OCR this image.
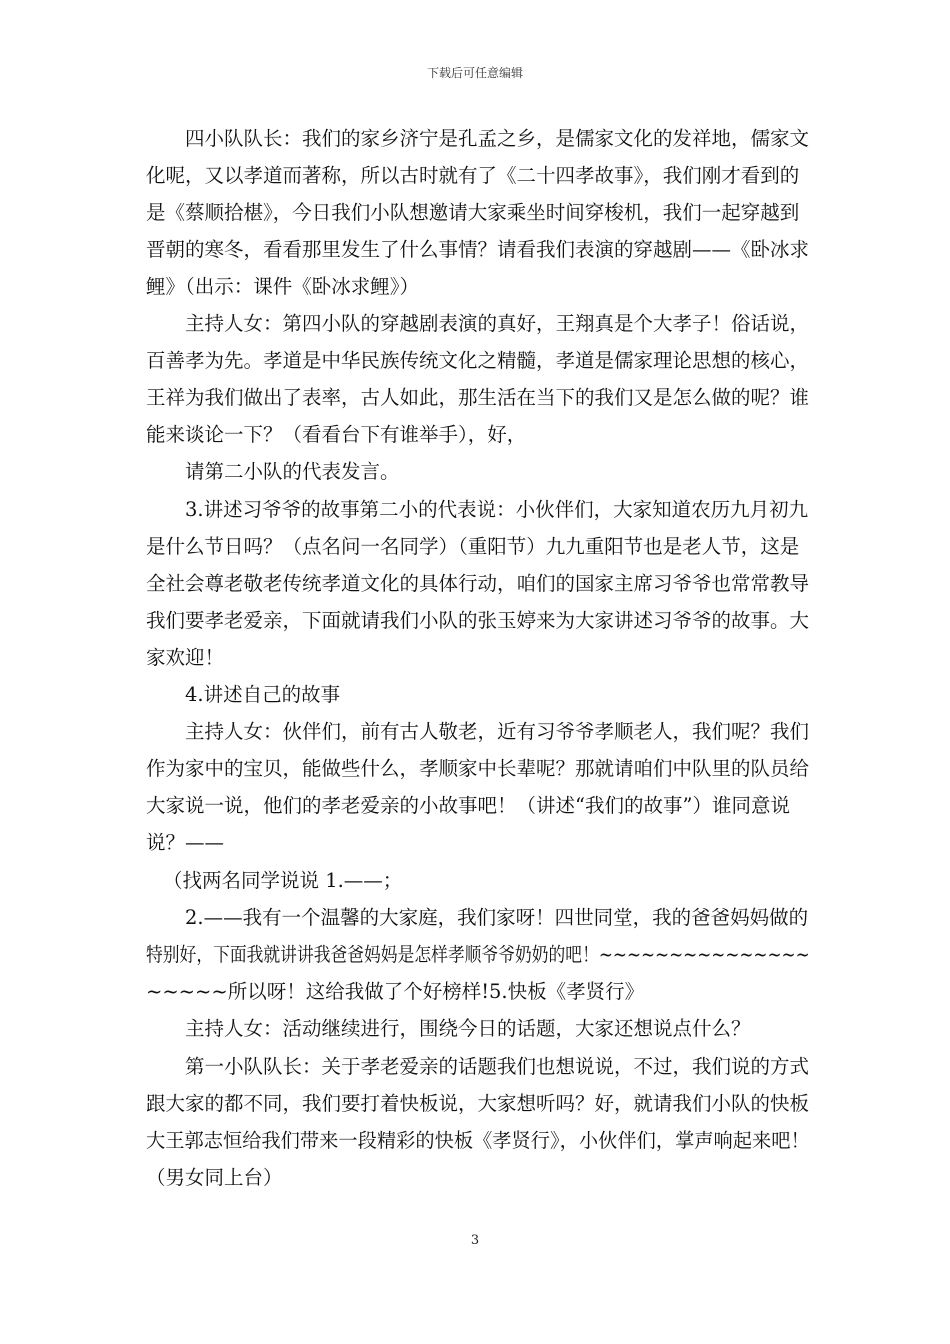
下载后可任意编辑
四小队队长：我们的家乡济宁是孔孟之乡，是儒家文化的发祥地，儒家文
化呢，又以孝道而著称，所以古时就有了《二十四孝故事》，我们刚才看到的
是《蔡顺拾椹》，今日我们小队想邀请大家乘坐时间穿梭机，我们一起穿越到
晋朝的寒冬，看看那里发生了什么事情？请看我们表演的穿越剧——《卧冰求
鲤》（出示：课件《卧冰求鲤》）
主持人女：第四小队的穿越剧表演的真好，王翔真是个大孝子！俗话说，
百善孝为先。孝道是中华民族传统文化之精髓，孝道是儒家理论思想的核心，
王祥为我们做出了表率，古人如此，那生活在当下的我们又是怎么做的呢？谁
能来谈论一下？（看看台下有谁举手），好，
请第二小队的代表发言。
3.讲述习爷爷的故事第二小的代表说：小伙伴们，大家知道农历九月初九
是什么节日吗？（点名问一名同学）（重阳节）九九重阳节也是老人节，这是
全社会尊老敬老传统孝道文化的具体行动，咱们的国家主席习爷爷也常常教导
我们要孝老爱亲，下面就请我们小队的张玉婷来为大家讲述习爷爷的故事。大
家欢迎！
4.讲述自己的故事
主持人女：伙伴们，前有古人敬老，近有习爷爷孝顺老人，我们呢？我们
作为家中的宝贝，能做些什么，孝顺家中长辈呢？那就请咱们中队里的队员给
大家说一说，他们的孝老爱亲的小故事吧！（讲述“我们的故事”）谁同意说
说？——
（找两名同学说说 1.——；
2.——我有一个温馨的大家庭，我们家呀！四世同堂，我的爸爸妈妈做的
特别好，下面我就讲讲我爸爸妈妈是怎样孝顺爷爷奶奶的吧！~~~~~~~~~~~~~~~
~~~~~所以呀！这给我做了个好榜样!5.快板《孝贤行》
主持人女：活动继续进行，围绕今日的话题，大家还想说点什么？
第一小队队长：关于孝老爱亲的话题我们也想说说，不过，我们说的方式
跟大家的都不同，我们要打着快板说，大家想听吗？好，就请我们小队的快板
大王郭志恒给我们带来一段精彩的快板《孝贤行》，小伙伴们，掌声响起来吧！
（男女同上台）
3
